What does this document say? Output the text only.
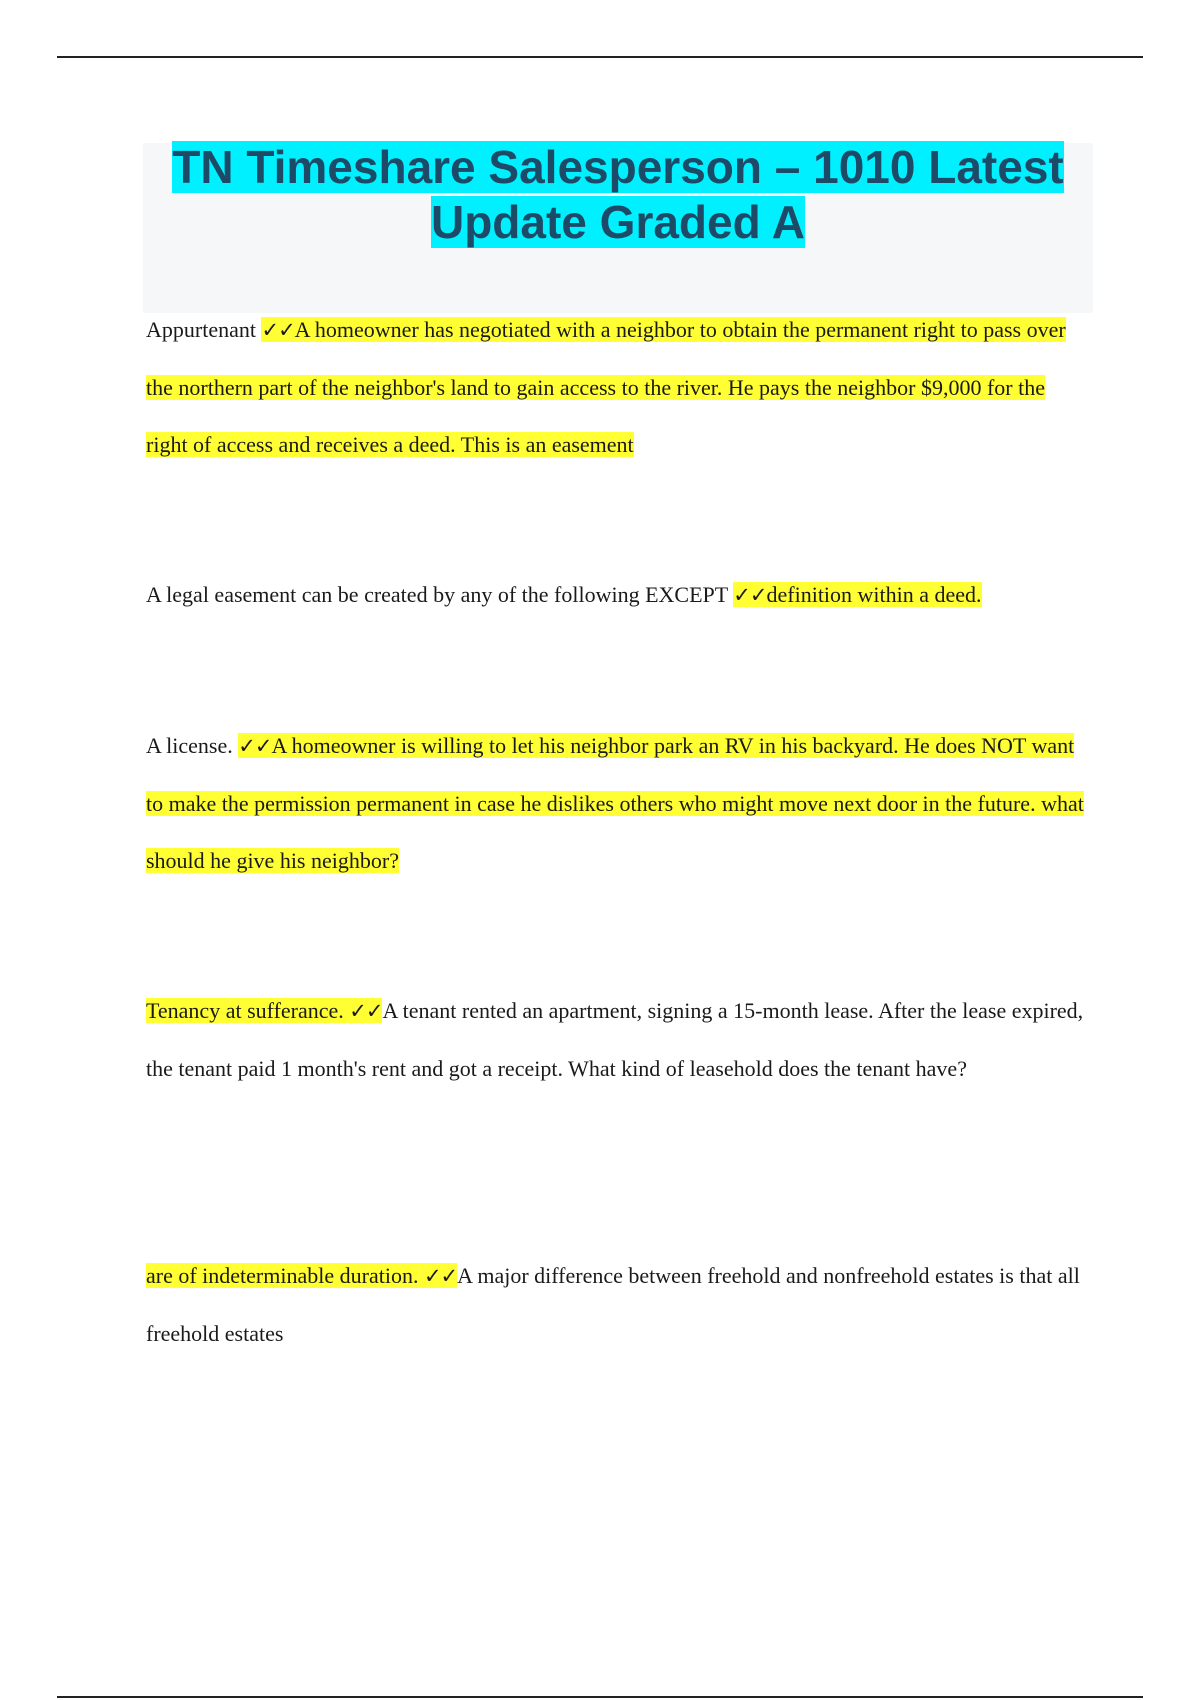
TN Timeshare Salesperson – 1010 Latest Update Graded A

Appurtenant ✓✓A homeowner has negotiated with a neighbor to obtain the permanent right to pass over the northern part of the neighbor's land to gain access to the river. He pays the neighbor $9,000 for the right of access and receives a deed. This is an easement

A legal easement can be created by any of the following EXCEPT ✓✓definition within a deed.

A license. ✓✓A homeowner is willing to let his neighbor park an RV in his backyard. He does NOT want to make the permission permanent in case he dislikes others who might move next door in the future. what should he give his neighbor?

Tenancy at sufferance. ✓✓A tenant rented an apartment, signing a 15-month lease. After the lease expired, the tenant paid 1 month's rent and got a receipt. What kind of leasehold does the tenant have?

are of indeterminable duration. ✓✓A major difference between freehold and nonfreehold estates is that all freehold estates
